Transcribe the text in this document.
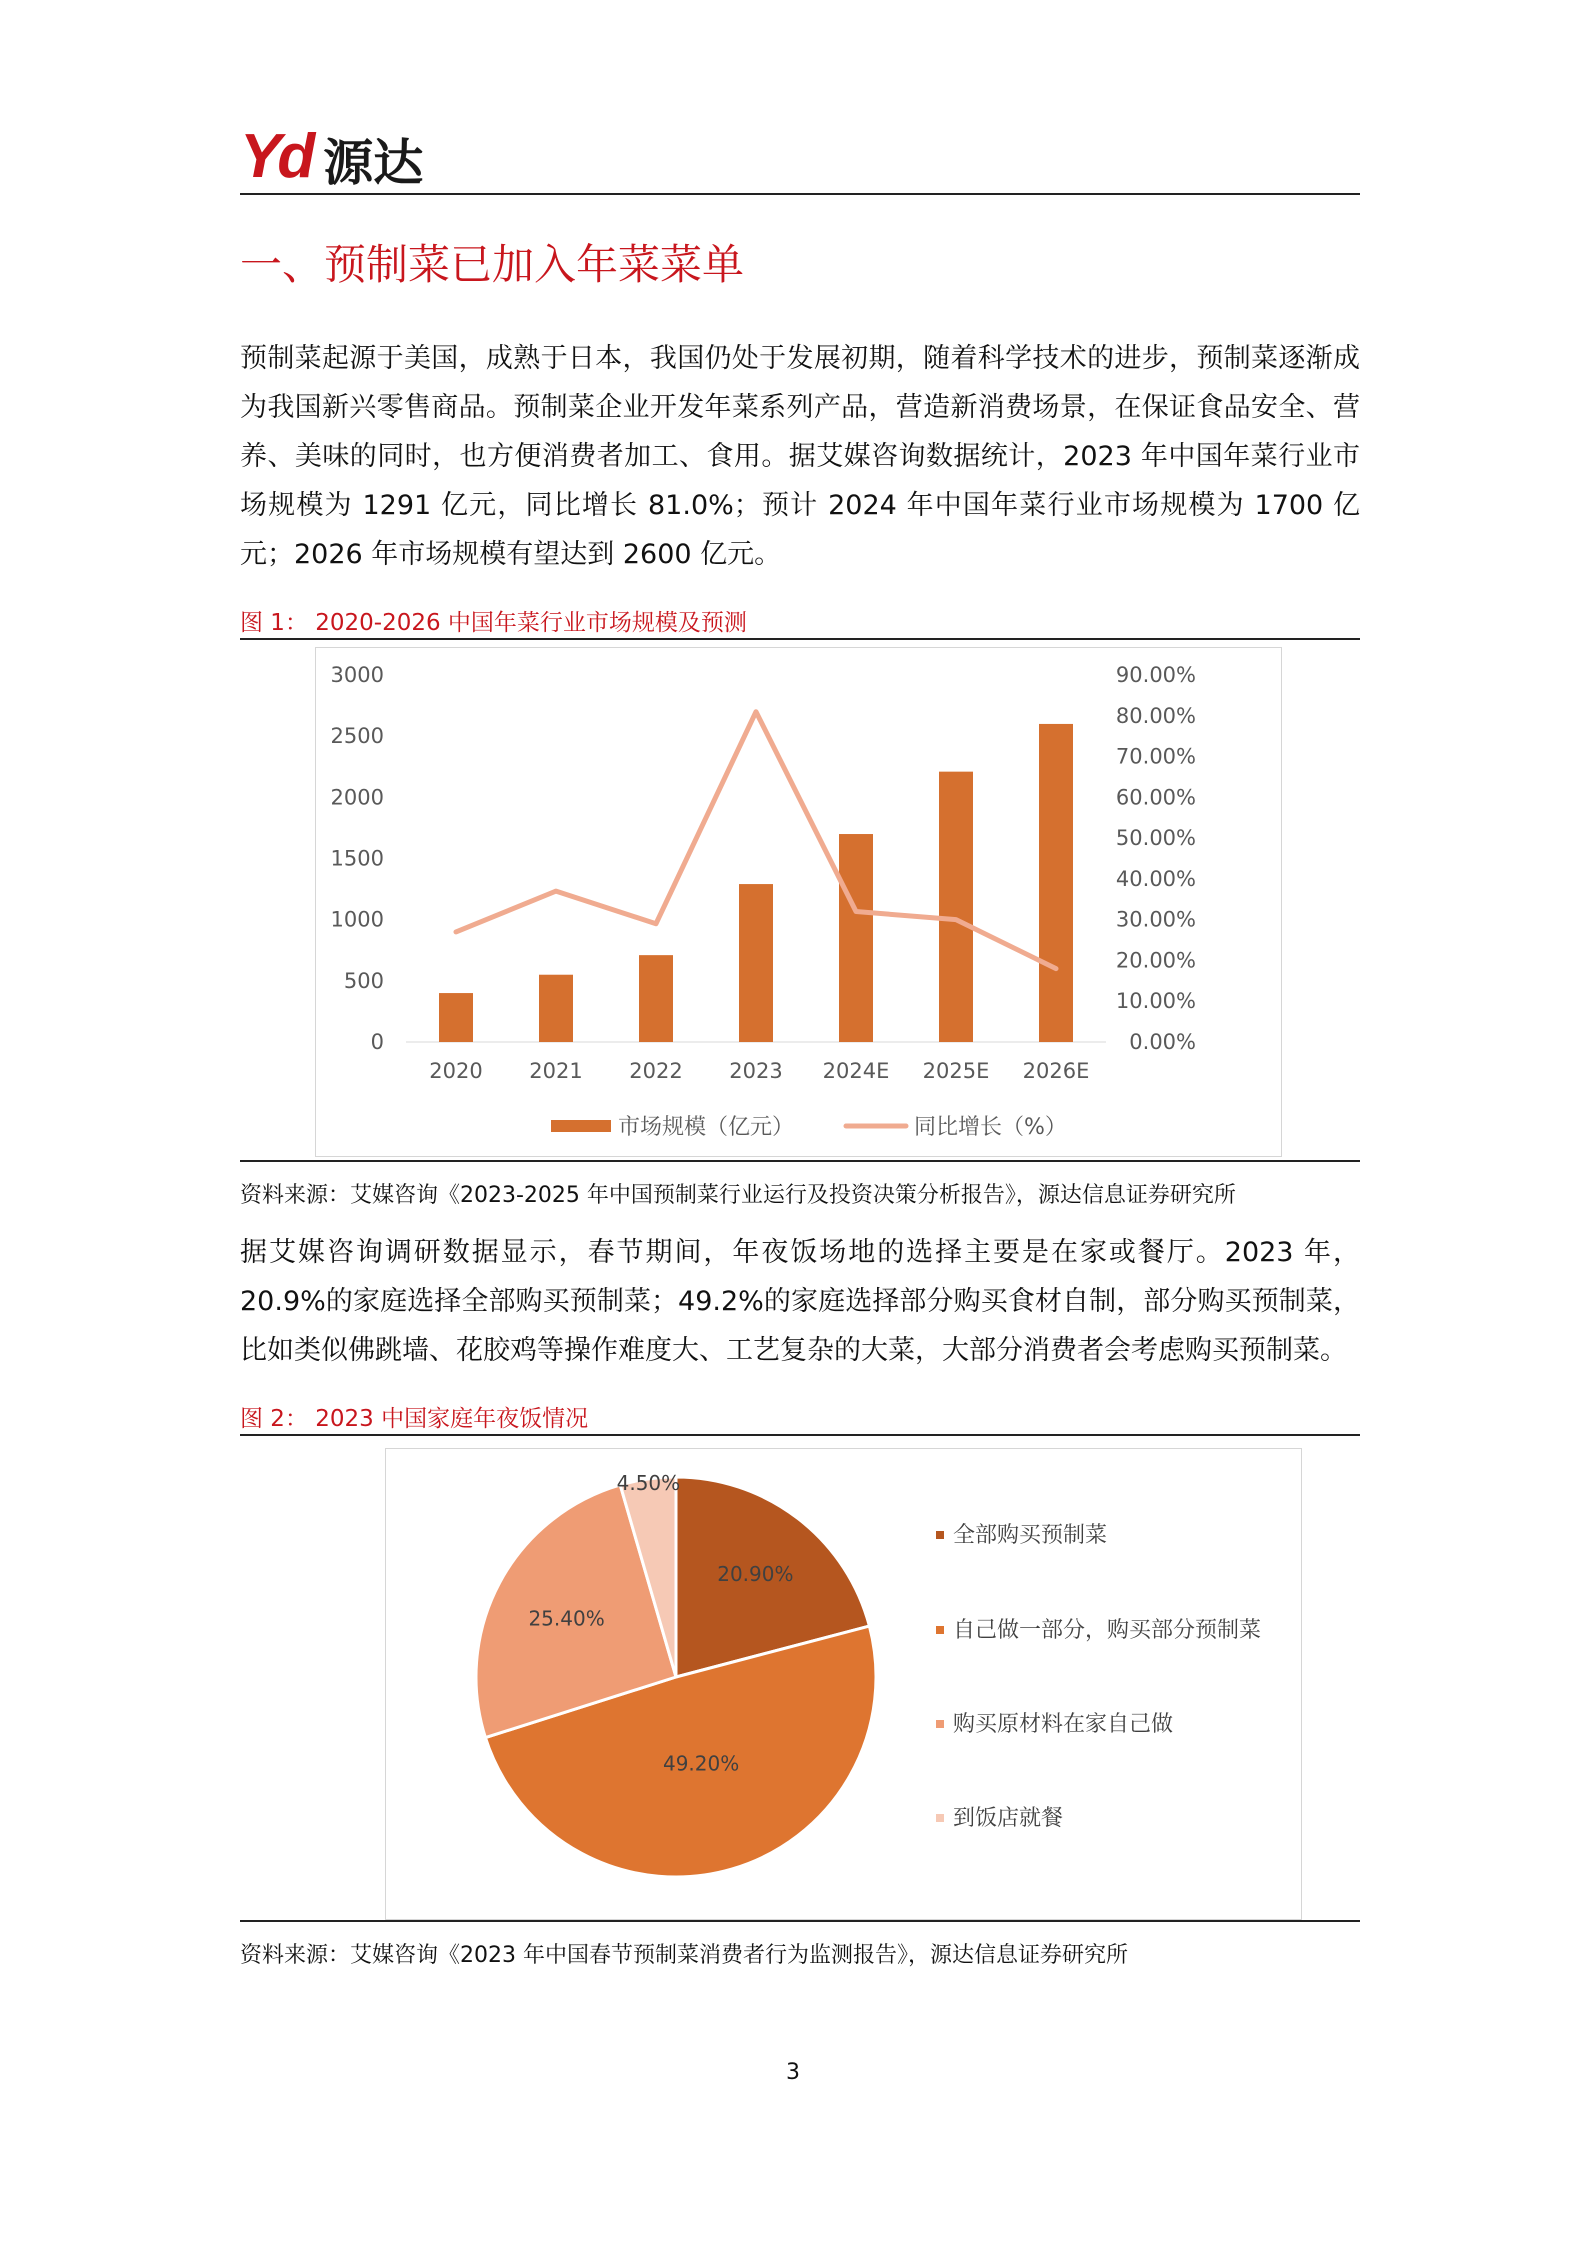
Yd 源达
一、预制菜已加入年菜菜单

预制菜起源于美国，成熟于日本，我国仍处于发展初期，随着科学技术的进步，预制菜逐渐成为我国新兴零售商品。预制菜企业开发年菜系列产品，营造新消费场景，在保证食品安全、营养、美味的同时，也方便消费者加工、食用。据艾媒咨询数据统计，2023 年中国年菜行业市场规模为 1291 亿元，同比增长 81.0%；预计 2024 年中国年菜行业市场规模为 1700 亿元；2026 年市场规模有望达到 2600 亿元。

图 1： 2020-2026 中国年菜行业市场规模及预测
0
500
1000
1500
2000
2500
3000
0.00%
10.00%
20.00%
30.00%
40.00%
50.00%
60.00%
70.00%
80.00%
90.00%
2020 2021 2022 2023 2024E 2025E 2026E
市场规模（亿元）	同比增长（%）
资料来源：艾媒咨询《2023-2025 年中国预制菜行业运行及投资决策分析报告》，源达信息证券研究所

据艾媒咨询调研数据显示，春节期间，年夜饭场地的选择主要是在家或餐厅。2023 年，20.9%的家庭选择全部购买预制菜；49.2%的家庭选择部分购买食材自制，部分购买预制菜，比如类似佛跳墙、花胶鸡等操作难度大、工艺复杂的大菜，大部分消费者会考虑购买预制菜。

图 2： 2023 中国家庭年夜饭情况
20.90%
49.20%
25.40%
4.50%
全部购买预制菜
自己做一部分，购买部分预制菜
购买原材料在家自己做
到饭店就餐
资料来源：艾媒咨询《2023 年中国春节预制菜消费者行为监测报告》，源达信息证券研究所
3
